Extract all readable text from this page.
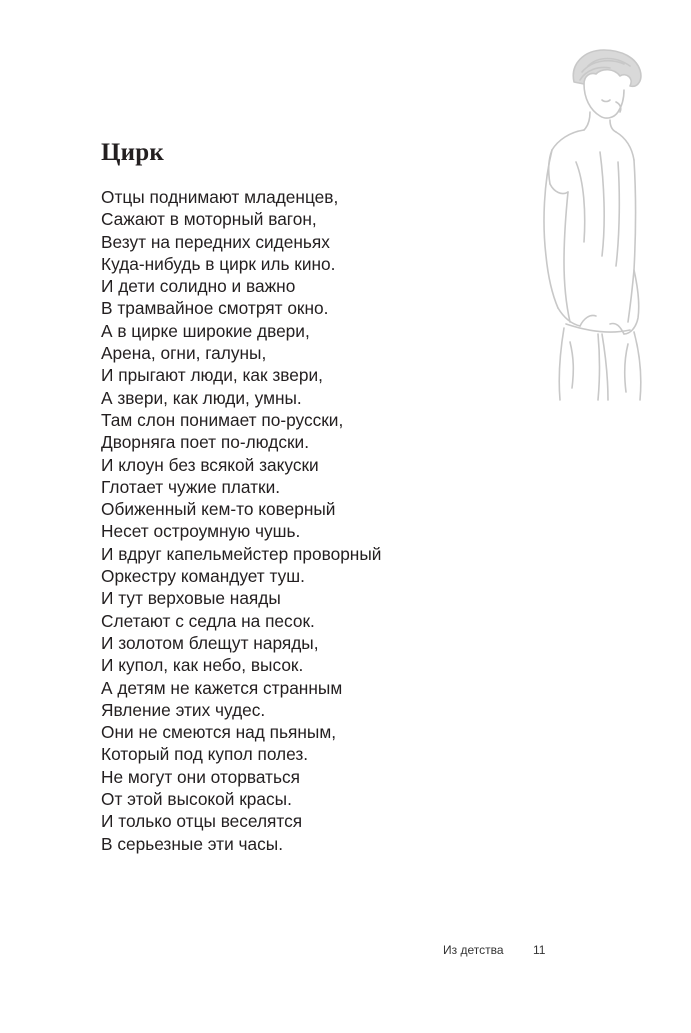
Цирк
Отцы поднимают младенцев,
Сажают в моторный вагон,
Везут на передних сиденьях
Куда-нибудь в цирк иль кино.
И дети солидно и важно
В трамвайное смотрят окно.
А в цирке широкие двери,
Арена, огни, галуны,
И прыгают люди, как звери,
А звери, как люди, умны.
Там слон понимает по-русски,
Дворняга поет по-людски.
И клоун без всякой закуски
Глотает чужие платки.
Обиженный кем-то коверный
Несет остроумную чушь.
И вдруг капельмейстер проворный
Оркестру командует туш.
И тут верховые наяды
Слетают с седла на песок.
И золотом блещут наряды,
И купол, как небо, высок.
А детям не кажется странным
Явление этих чудес.
Они не смеются над пьяным,
Который под купол полез.
Не могут они оторваться
От этой высокой красы.
И только отцы веселятся
В серьезные эти часы.
Из детства 11
